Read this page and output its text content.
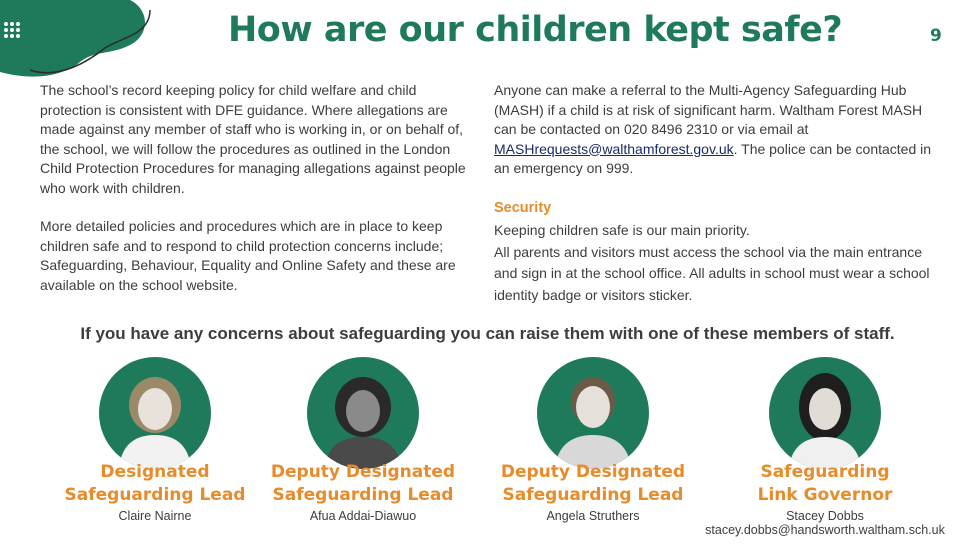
How are our children kept safe?	9

The school’s record keeping policy for child welfare and child protection is consistent with DFE guidance. Where allegations are made against any member of staff who is working in, or on behalf of, the school, we will follow the procedures as outlined in the London Child Protection Procedures for managing allegations against people who work with children.

More detailed policies and procedures which are in place to keep children safe and to respond to child protection concerns include; Safeguarding, Behaviour, Equality and Online Safety and these are available on the school website.

Anyone can make a referral to the Multi-Agency Safeguarding Hub (MASH) if a child is at risk of significant harm. Waltham Forest MASH can be contacted on 020 8496 2310 or via email at MASHrequests@walthamforest.gov.uk. The police can be contacted in an emergency on 999.

Security

Keeping children safe is our main priority.

All parents and visitors must access the school via the main entrance and sign in at the school office. All adults in school must wear a school identity badge or visitors sticker.

If you have any concerns about safeguarding you can raise them with one of these members of staff.
Designated
Safeguarding Lead
Claire Nairne
Deputy Designated
Safeguarding Lead
Afua Addai-Diawuo
Deputy Designated
Safeguarding Lead
Angela Struthers
Safeguarding
Link Governor
Stacey Dobbs
stacey.dobbs@handsworth.waltham.sch.uk
